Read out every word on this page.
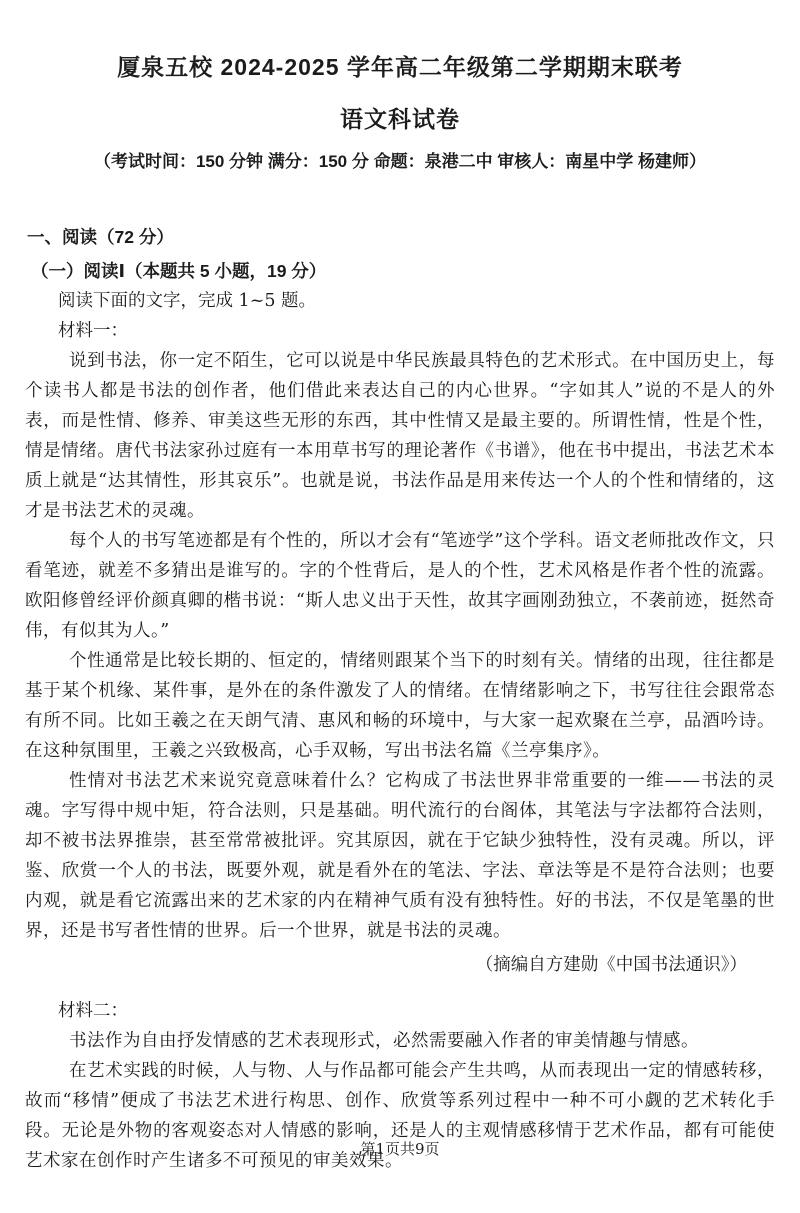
厦泉五校 2024-2025 学年高二年级第二学期期末联考
语文科试卷
（考试时间：150 分钟 满分：150 分 命题：泉港二中 审核人：南星中学 杨建师）
一、阅读（72 分）
（一）阅读Ⅰ（本题共 5 小题，19 分）
阅读下面的文字，完成 1~5 题。
材料一：

说到书法，你一定不陌生，它可以说是中华民族最具特色的艺术形式。在中国历史上，每个读书人都是书法的创作者，他们借此来表达自己的内心世界。“字如其人”说的不是人的外表，而是性情、修养、审美这些无形的东西，其中性情又是最主要的。所谓性情，性是个性，情是情绪。唐代书法家孙过庭有一本用草书写的理论著作《书谱》，他在书中提出，书法艺术本质上就是“达其情性，形其哀乐”。也就是说，书法作品是用来传达一个人的个性和情绪的，这才是书法艺术的灵魂。

每个人的书写笔迹都是有个性的，所以才会有“笔迹学”这个学科。语文老师批改作文，只看笔迹，就差不多猜出是谁写的。字的个性背后，是人的个性，艺术风格是作者个性的流露。欧阳修曾经评价颜真卿的楷书说：“斯人忠义出于天性，故其字画刚劲独立，不袭前迹，挺然奇伟，有似其为人。”

个性通常是比较长期的、恒定的，情绪则跟某个当下的时刻有关。情绪的出现，往往都是基于某个机缘、某件事，是外在的条件激发了人的情绪。在情绪影响之下，书写往往会跟常态有所不同。比如王羲之在天朗气清、惠风和畅的环境中，与大家一起欢聚在兰亭，品酒吟诗。在这种氛围里，王羲之兴致极高，心手双畅，写出书法名篇《兰亭集序》。

性情对书法艺术来说究竟意味着什么？它构成了书法世界非常重要的一维——书法的灵魂。字写得中规中矩，符合法则，只是基础。明代流行的台阁体，其笔法与字法都符合法则，却不被书法界推崇，甚至常常被批评。究其原因，就在于它缺少独特性，没有灵魂。所以，评鉴、欣赏一个人的书法，既要外观，就是看外在的笔法、字法、章法等是不是符合法则；也要内观，就是看它流露出来的艺术家的内在精神气质有没有独特性。好的书法，不仅是笔墨的世界，还是书写者性情的世界。后一个世界，就是书法的灵魂。

（摘编自方建勋《中国书法通识》）
材料二：

书法作为自由抒发情感的艺术表现形式，必然需要融入作者的审美情趣与情感。

在艺术实践的时候，人与物、人与作品都可能会产生共鸣，从而表现出一定的情感转移，故而“移情”便成了书法艺术进行构思、创作、欣赏等系列过程中一种不可小觑的艺术转化手段。无论是外物的客观姿态对人情感的影响，还是人的主观情感移情于艺术作品，都有可能使艺术家在创作时产生诸多不可预见的审美效果。

第1页共9页
